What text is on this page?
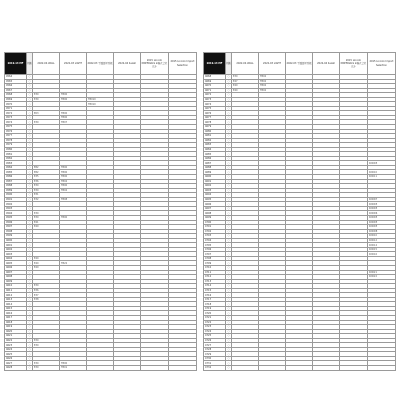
2019-13 MF	判断	2022-04 WALL	2022-03 LIGHT	2022-03 平面図写真板	2022-04 K-wall	2015 Lincoln MATERIALS ※株式会社ほか	2015 Lincoln Import Selection
4564	○						
4565	○						
4566	○						
4567	○						
4568	○	E30	TB00				
4569	○	E30	TB00	TB010			
4570	○			TB010			
4571	○						
4572	○	E03	TB00				
4573	○		TB00				
4574	○	E30	TB07				
4575	○						
4576	○						
4577	○						
4578	○						
4579	○						
4580	○						
4581	○						
4582	○						
4583	○						
4584	○	E82	TB00				
4585	○	E82	TB00				
4586	○	E35	TB00				
4587	○	E36	TB02				
4588	○	E30	TB00				
4589	○	E30	TB02				
4590	○	E31					
4591	○	E32	TB08				
4592	○						
4593	○						
4594	○	E30					
4595	○	E30	TB00				
4596	○	E41					
4597	○	E40					
4598	○						
4599	○						
4600	○						
4601	○						
4602	○						
4603	○						
4604	○	E40					
4605	○	E40	TB22				
4606	○	E40					
4607	○						
4608	○						
4609	○						
4610	○	E30					
4611	○	E36					
4612	○	E37					
4613	○	E38					
4614	○						
4615	○						
4616	○						
4617	○						
4618	○						
4619	○						
4620	○						
4621	○						
4622	○	E30					
4623	○	E30					
4624	○						
4625	○						
4626	○						
4627	○	E30	TB00				
4628	○	E30	TB01				
2019-13 MF	判断	2022-04 WALL	2022-03 LIGHT	2022-03 平面図写真板	2022-04 K-wall	2015 Lincoln MATERIALS ※株式会社ほか	2015 Lincoln Import Selection
4668	○	E30	TB02				
4669	○	E47	TB02				
4670	○	E40	TB02				
4671	○	E40	TB02				
4672	○						
4673	○						
4674	○						
4675	○						
4676	○						
4677	○						
4678	○						
4679	○						
4680	○						
4681	○						
4682	○						
4683	○						
4684	○						
4685	○						
4686	○						
4687	○						KD0D5
4688	○						
4689	○						KD010
4690	○						KD011
4691	○						
4692	○						
4693	○						
4694	○						
4695	○						KD0D7
4696	○						KD0D5
4697	○						KD0D5
4698	○						KD0D6
4699	○						KD0D5
4700	○						KD0D5
4701	○						KD0D5
4702	○						KD0D8
4703	○						KD010
4704	○						KD012
4705	○						KD014
4706	○						KD015
4707	○						KD016
4708	○						
4709	○						
4710	○						
4711	○						KD021
4712	○						KD022
4713	○						
4714	○						
4715	○						
4716	○						
4717	○						
4718	○						
4719	○						
4720	○						
4721	○						
4722	○						
4723	○						
4724	○						
4725	○						
4726	○						
4727	○						
4728	○						
4729	○						
4730	○						
4731	○						
4732	○						
